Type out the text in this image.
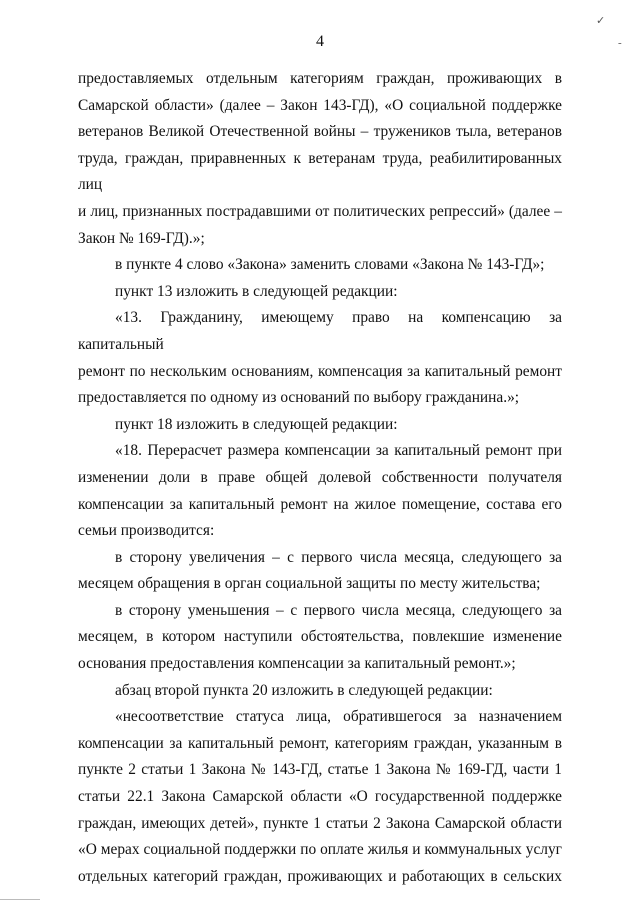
✓
-
4

предоставляемых отдельным категориям граждан, проживающих в

Самарской области» (далее – Закон 143-ГД), «О социальной поддержке

ветеранов Великой Отечественной войны – тружеников тыла, ветеранов

труда, граждан, приравненных к ветеранам труда, реабилитированных лиц

и лиц, признанных пострадавшими от политических репрессий» (далее –

Закон № 169-ГД).»;

в пункте 4 слово «Закона» заменить словами «Закона № 143-ГД»;

пункт 13 изложить в следующей редакции:

«13. Гражданину, имеющему право на компенсацию за капитальный

ремонт по нескольким основаниям, компенсация за капитальный ремонт

предоставляется по одному из оснований по выбору гражданина.»;

пункт 18 изложить в следующей редакции:

«18. Перерасчет размера компенсации за капитальный ремонт при

изменении доли в праве общей долевой собственности получателя

компенсации за капитальный ремонт на жилое помещение, состава его

семьи производится:

в сторону увеличения – с первого числа месяца, следующего за

месяцем обращения в орган социальной защиты по месту жительства;

в сторону уменьшения – с первого числа месяца, следующего за

месяцем, в котором наступили обстоятельства, повлекшие изменение

основания предоставления компенсации за капитальный ремонт.»;

абзац второй пункта 20 изложить в следующей редакции:

«несоответствие статуса лица, обратившегося за назначением

компенсации за капитальный ремонт, категориям граждан, указанным в

пункте 2 статьи 1 Закона № 143-ГД, статье 1 Закона № 169-ГД, части 1

статьи 22.1 Закона Самарской области «О государственной поддержке

граждан, имеющих детей», пункте 1 статьи 2 Закона Самарской области

«О мерах социальной поддержки по оплате жилья и коммунальных услуг

отдельных категорий граждан, проживающих и работающих в сельских
